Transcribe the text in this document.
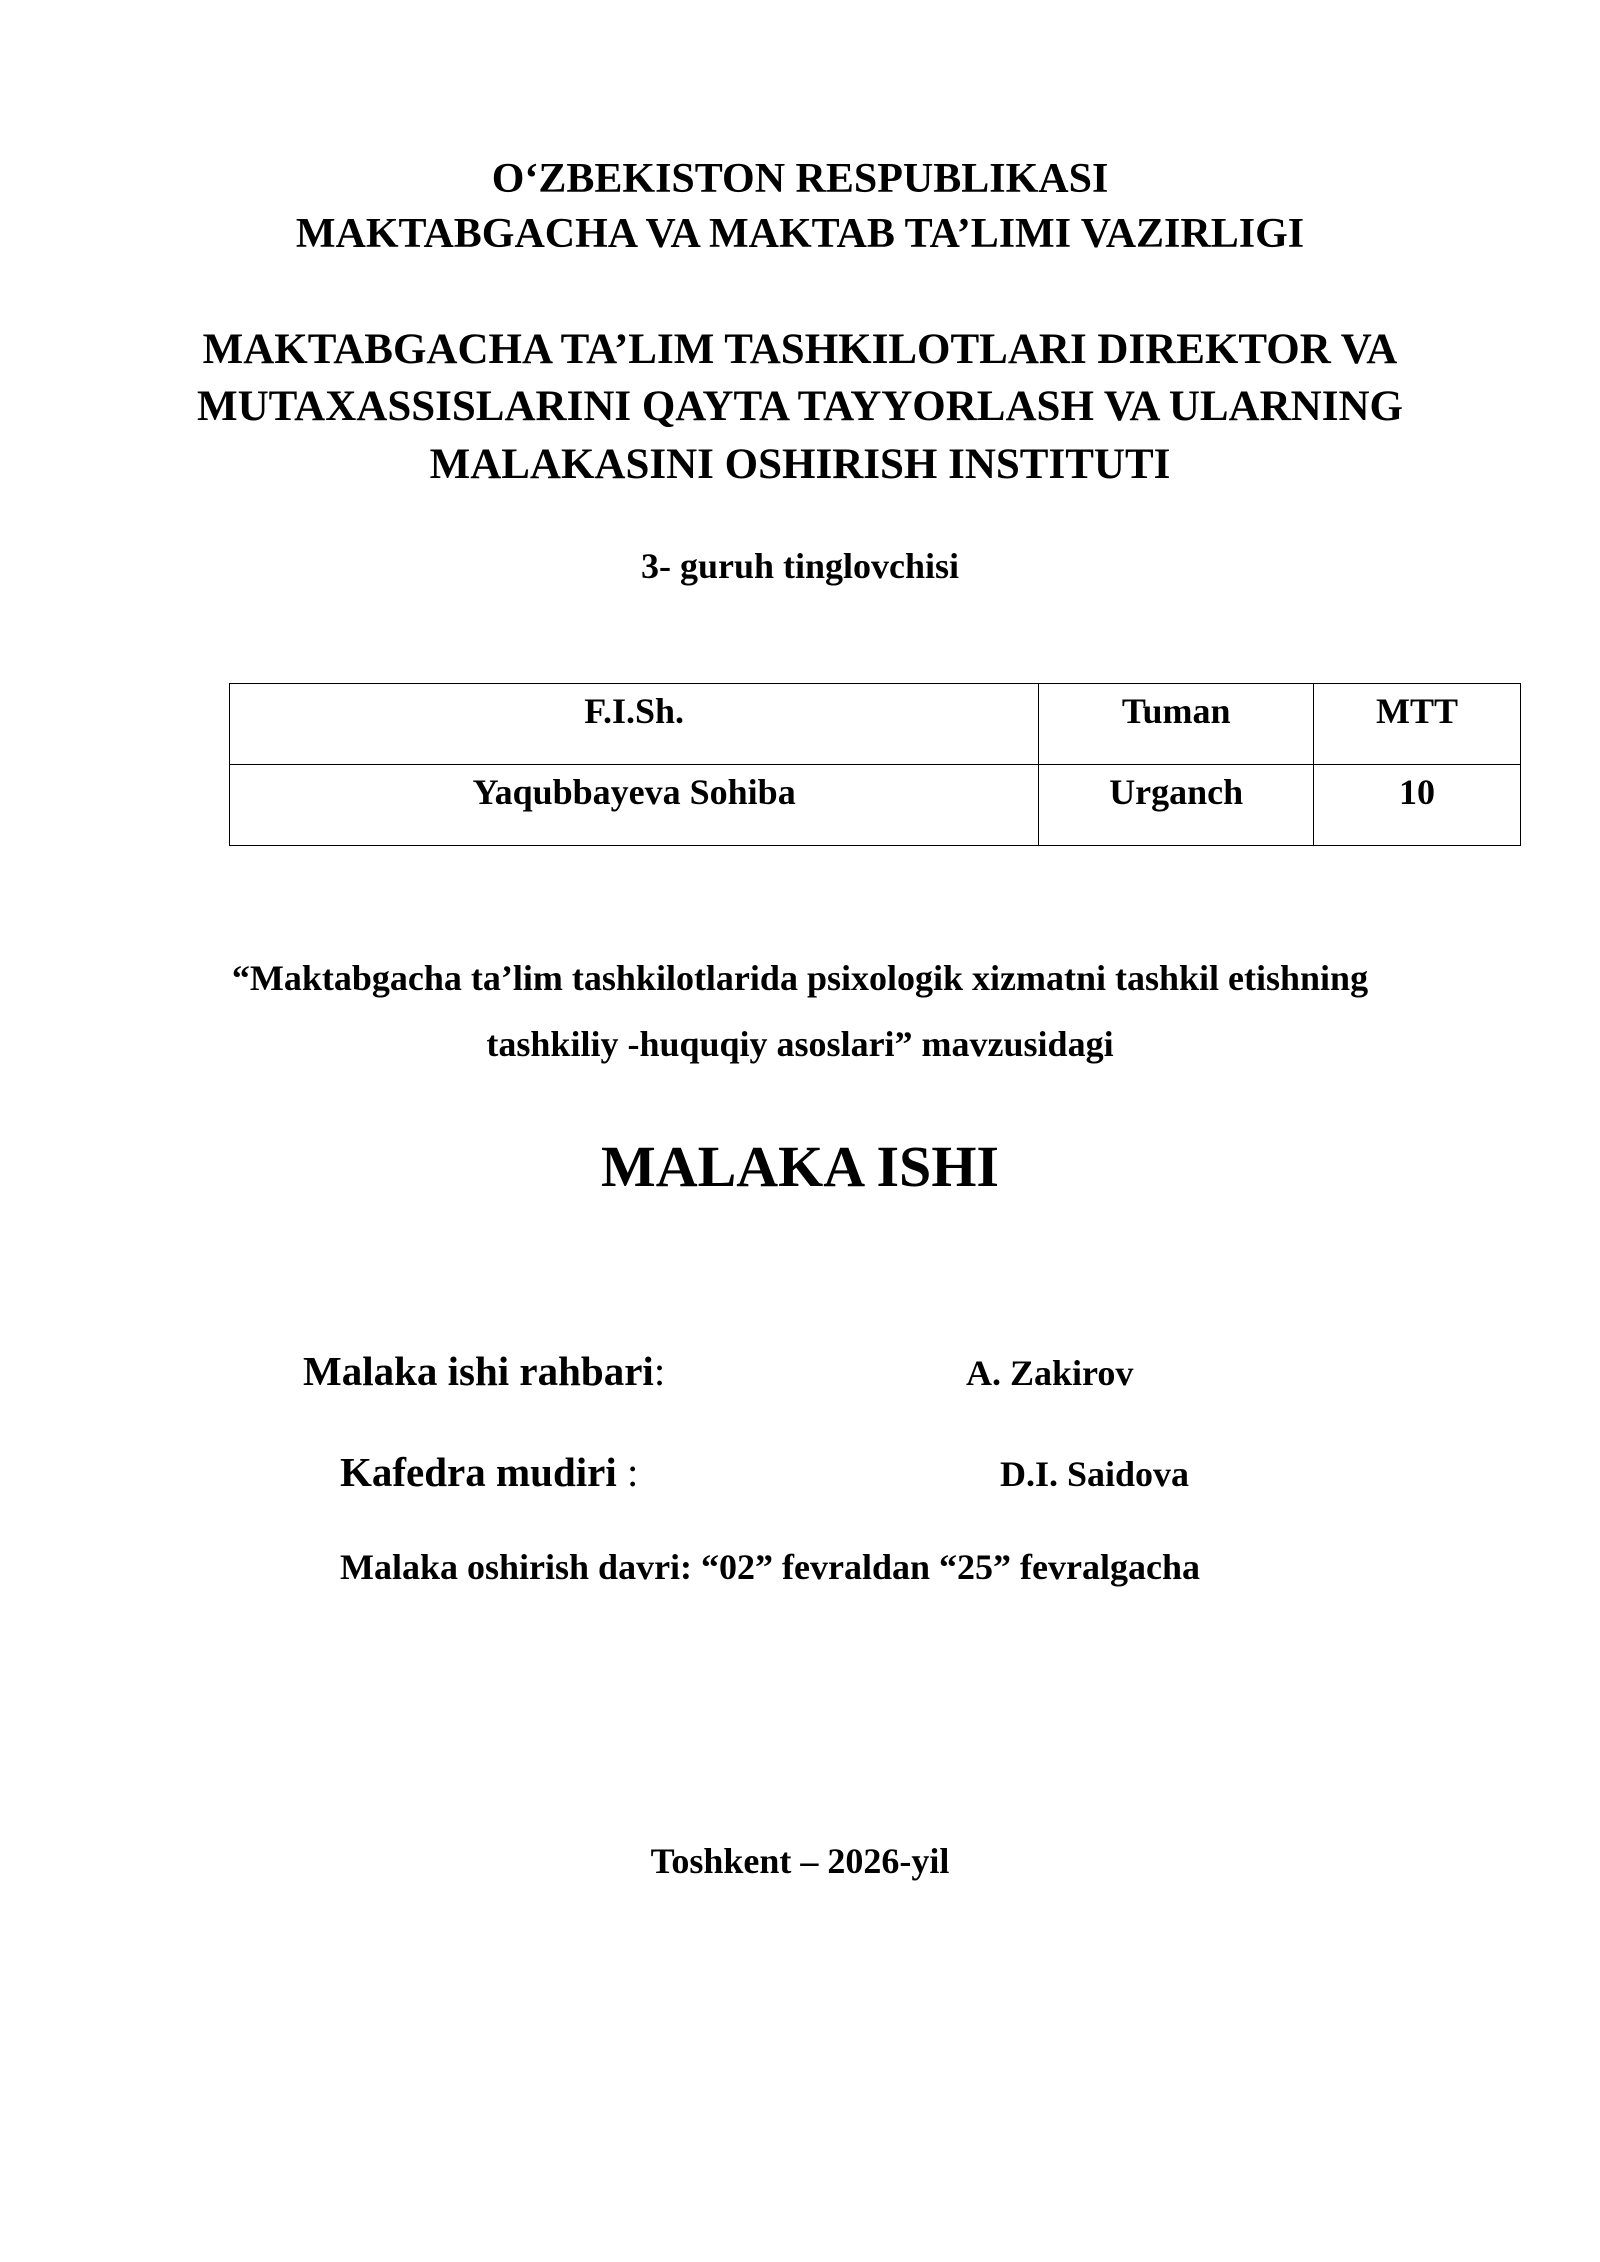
O‘ZBEKISTON RESPUBLIKASI
MAKTABGACHA VA MAKTAB TA’LIMI VAZIRLIGI
MAKTABGACHA TA’LIM TASHKILOTLARI DIREKTOR VA
MUTAXASSISLARINI QAYTA TAYYORLASH VA ULARNING
MALAKASINI OSHIRISH INSTITUTI
3- guruh tinglovchisi
F.I.Sh.	Tuman	MTT
Yaqubbayeva Sohiba	Urganch	10
“Maktabgacha ta’lim tashkilotlarida psixologik xizmatni tashkil etishning
tashkiliy -huquqiy asoslari” mavzusidagi
MALAKA ISHI
Malaka ishi rahbari:	A. Zakirov
Kafedra mudiri :	D.I. Saidova
Malaka oshirish davri: “02” fevraldan “25” fevralgacha
Toshkent – 2026-yil
